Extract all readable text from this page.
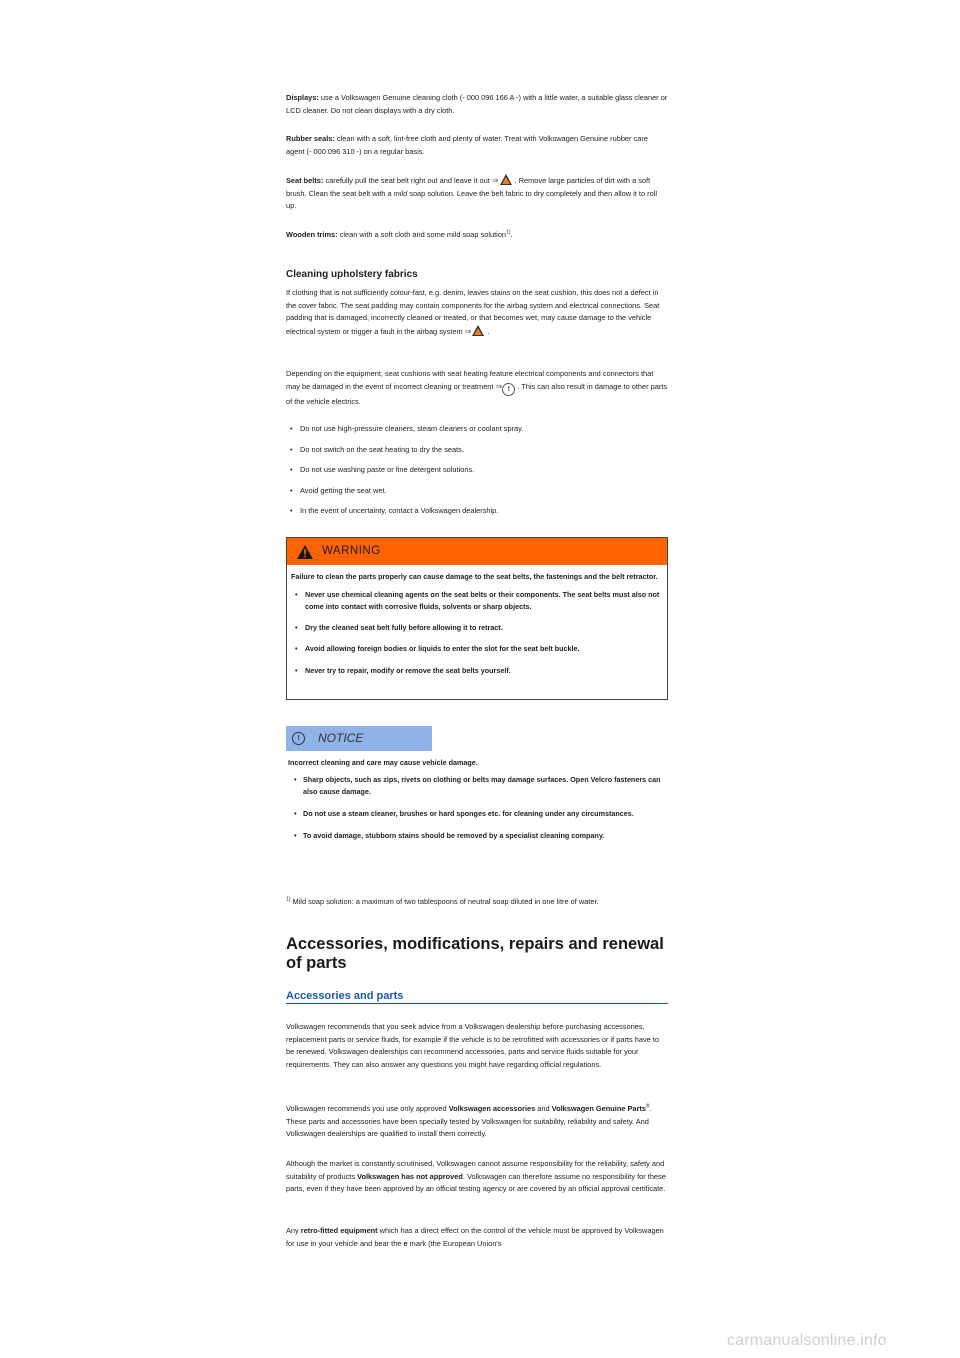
Displays: use a Volkswagen Genuine cleaning cloth (- 000 096 166 A -) with a little water, a suitable glass cleaner or LCD cleaner. Do not clean displays with a dry cloth.

Rubber seals: clean with a soft, lint-free cloth and plenty of water. Treat with Volkswagen Genuine rubber care agent (- 000 096 310 -) on a regular basis.

Seat belts: carefully pull the seat belt right out and leave it out ⇒ . Remove large particles of dirt with a soft brush. Clean the seat belt with a mild soap solution. Leave the belt fabric to dry completely and then allow it to roll up.

Wooden trims: clean with a soft cloth and some mild soap solution$^{1)}$.

Cleaning upholstery fabrics

If clothing that is not sufficiently colour-fast, e.g. denim, leaves stains on the seat cushion, this does not a defect in the cover fabric. The seat padding may contain components for the airbag system and electrical connections. Seat padding that is damaged, incorrectly cleaned or treated, or that becomes wet, may cause damage to the vehicle electrical system or trigger a fault in the airbag system ⇒ .

Depending on the equipment, seat cushions with seat heating feature electrical components and connectors that may be damaged in the event of incorrect cleaning or treatment ⇒ ! . This can also result in damage to other parts of the vehicle electrics.

• Do not use high-pressure cleaners, steam cleaners or coolant spray.
• Do not switch on the seat heating to dry the seats.
• Do not use washing paste or fine detergent solutions.
• Avoid getting the seat wet.
• In the event of uncertainty, contact a Volkswagen dealership.
WARNING
Failure to clean the parts properly can cause damage to the seat belts, the fastenings and the belt retractor.
• Never use chemical cleaning agents on the seat belts or their components. The seat belts must also not come into contact with corrosive fluids, solvents or sharp objects.
• Dry the cleaned seat belt fully before allowing it to retract.
• Avoid allowing foreign bodies or liquids to enter the slot for the seat belt buckle.
• Never try to repair, modify or remove the seat belts yourself.
!	NOTICE
Incorrect cleaning and care may cause vehicle damage.
• Sharp objects, such as zips, rivets on clothing or belts may damage surfaces. Open Velcro fasteners can also cause damage.
• Do not use a steam cleaner, brushes or hard sponges etc. for cleaning under any circumstances.
• To avoid damage, stubborn stains should be removed by a specialist cleaning company.

$^{1)}$ Mild soap solution: a maximum of two tablespoons of neutral soap diluted in one litre of water.

Accessories, modifications, repairs and renewal of parts
Accessories and parts

Volkswagen recommends that you seek advice from a Volkswagen dealership before purchasing accessories, replacement parts or service fluids, for example if the vehicle is to be retrofitted with accessories or if parts have to be renewed. Volkswagen dealerships can recommend accessories, parts and service fluids suitable for your requirements. They can also answer any questions you might have regarding official regulations.

Volkswagen recommends you use only approved Volkswagen accessories and Volkswagen Genuine Parts®. These parts and accessories have been specially tested by Volkswagen for suitability, reliability and safety. And Volkswagen dealerships are qualified to install them correctly.

Although the market is constantly scrutinised, Volkswagen cannot assume responsibility for the reliability, safety and suitability of products Volkswagen has not approved. Volkswagen can therefore assume no responsibility for these parts, even if they have been approved by an official testing agency or are covered by an official approval certificate.

Any retro-fitted equipment which has a direct effect on the control of the vehicle must be approved by Volkswagen for use in your vehicle and bear the e mark (the European Union's

carmanualsonline.info
